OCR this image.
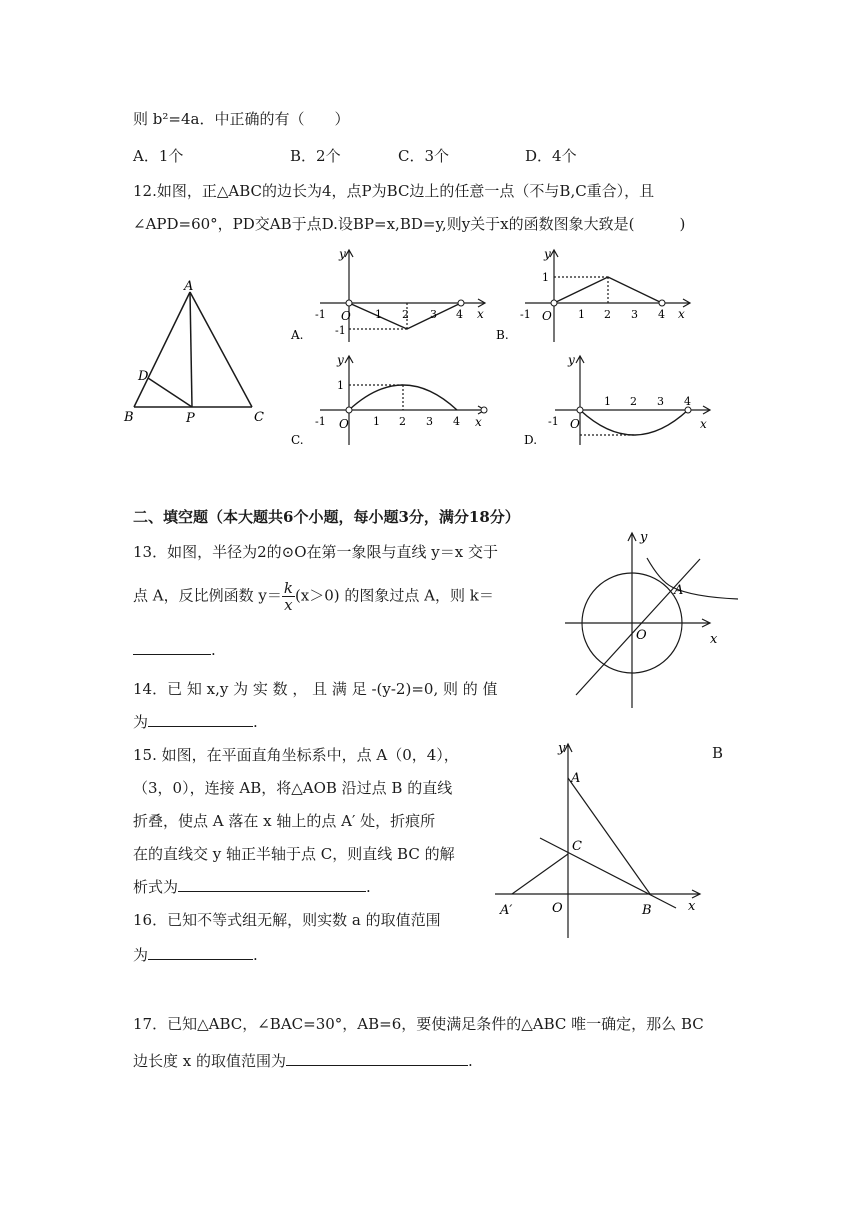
则 b²=4a．中正确的有（　　）
A．1个	B．2个	C．3个	D．4个
12.如图，正△ABC的边长为4，点P为BC边上的任意一点（不与B,C重合），且
∠APD=60°，PD交AB于点D.设BP=x,BD=y,则y关于x的函数图象大致是(　　　)
A
D
B	P	C
y
x
O
-1	1 2 3 4
-1
A.
y
x
O
-1	1 2 3 4
1
B.
y
x
O
-1	1 2 3 4
1
C.
y
x
O
-1
1 2 3 4
D.
二、填空题（本大题共6个小题，每小题3分，满分18分）
13．如图，半径为2的⊙O在第一象限与直线 y＝x 交于
点 A，反比例函数 $y= \frac{k}{x} (x>0)$ 的图象过点 A，则 k＝
.
y
x
A
O
14．已 知 x,y 为 实 数 ， 且 满 足 -(y-2)=0, 则 的 值
为	.
15. 如图，在平面直角坐标系中，点 A（0，4），	B
（3，0），连接 AB，将△AOB 沿过点 B 的直线
折叠，使点 A 落在 x 轴上的点 A′ 处，折痕所
在的直线交 y 轴正半轴于点 C，则直线 BC 的解
析式为	.
y
x
A
C
A′	O	B
16．已知不等式组无解，则实数 a 的取值范围
为	.
17．已知△ABC，∠BAC=30°，AB=6，要使满足条件的△ABC 唯一确定，那么 BC
边长度 x 的取值范围为	.
